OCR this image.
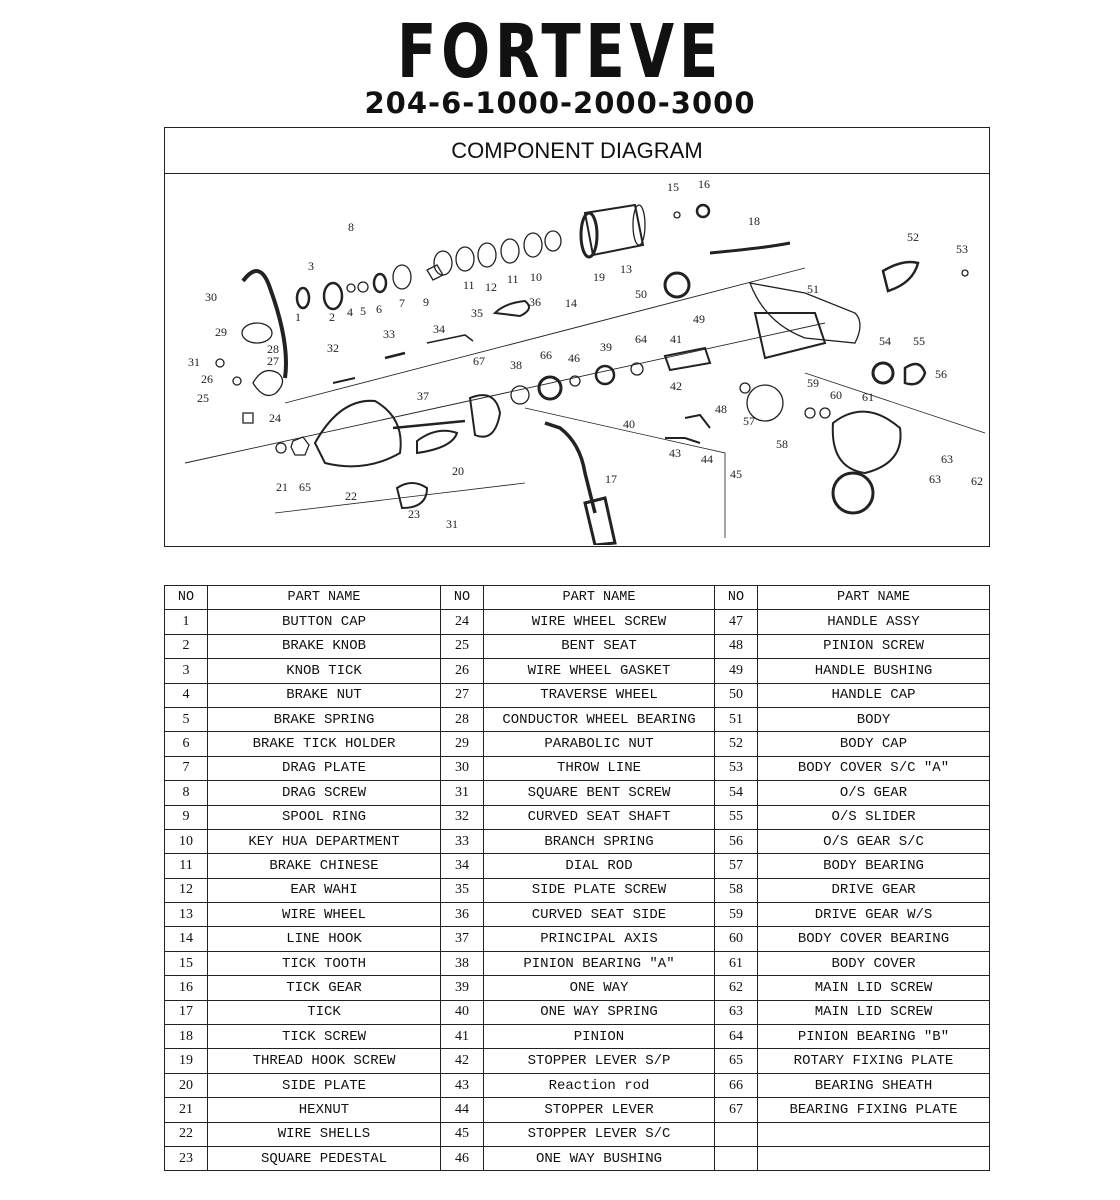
FORTEVE
204-6-1000-2000-3000
COMPONENT DIAGRAM
1 2
3
4 5 6 7
8
9
10
11	11
12
13
14
15 16
17
18
19
20
21
22
23
24
25
26
27
28
29
30
31
31
32
33	34
35
36
37
38
39
40
41
42
43 44
45
46
48
49
50	51
52
53
54 55
56
57
58
59
60 61
62
63
63
64
65
66
67
NO	PART NAME	NO	PART NAME	NO	PART NAME
1	BUTTON CAP	24	WIRE WHEEL SCREW	47	HANDLE ASSY
2	BRAKE KNOB	25	BENT SEAT	48	PINION SCREW
3	KNOB TICK	26	WIRE WHEEL GASKET	49	HANDLE BUSHING
4	BRAKE NUT	27	TRAVERSE WHEEL	50	HANDLE CAP
5	BRAKE SPRING	28	CONDUCTOR WHEEL BEARING	51	BODY
6	BRAKE TICK HOLDER	29	PARABOLIC NUT	52	BODY CAP
7	DRAG PLATE	30	THROW LINE	53	BODY COVER S/C "A"
8	DRAG SCREW	31	SQUARE BENT SCREW	54	O/S GEAR
9	SPOOL RING	32	CURVED SEAT SHAFT	55	O/S SLIDER
10	KEY HUA DEPARTMENT	33	BRANCH SPRING	56	O/S GEAR S/C
11	BRAKE CHINESE	34	DIAL ROD	57	BODY BEARING
12	EAR WAHI	35	SIDE PLATE SCREW	58	DRIVE GEAR
13	WIRE WHEEL	36	CURVED SEAT SIDE	59	DRIVE GEAR W/S
14	LINE HOOK	37	PRINCIPAL AXIS	60	BODY COVER BEARING
15	TICK TOOTH	38	PINION BEARING "A"	61	BODY COVER
16	TICK GEAR	39	ONE WAY	62	MAIN LID SCREW
17	TICK	40	ONE WAY SPRING	63	MAIN LID SCREW
18	TICK SCREW	41	PINION	64	PINION BEARING "B"
19	THREAD HOOK SCREW	42	STOPPER LEVER S/P	65	ROTARY FIXING PLATE
20	SIDE PLATE	43	Reaction rod	66	BEARING SHEATH
21	HEXNUT	44	STOPPER LEVER	67	BEARING FIXING PLATE
22	WIRE SHELLS	45	STOPPER LEVER S/C		
23	SQUARE PEDESTAL	46	ONE WAY BUSHING		
